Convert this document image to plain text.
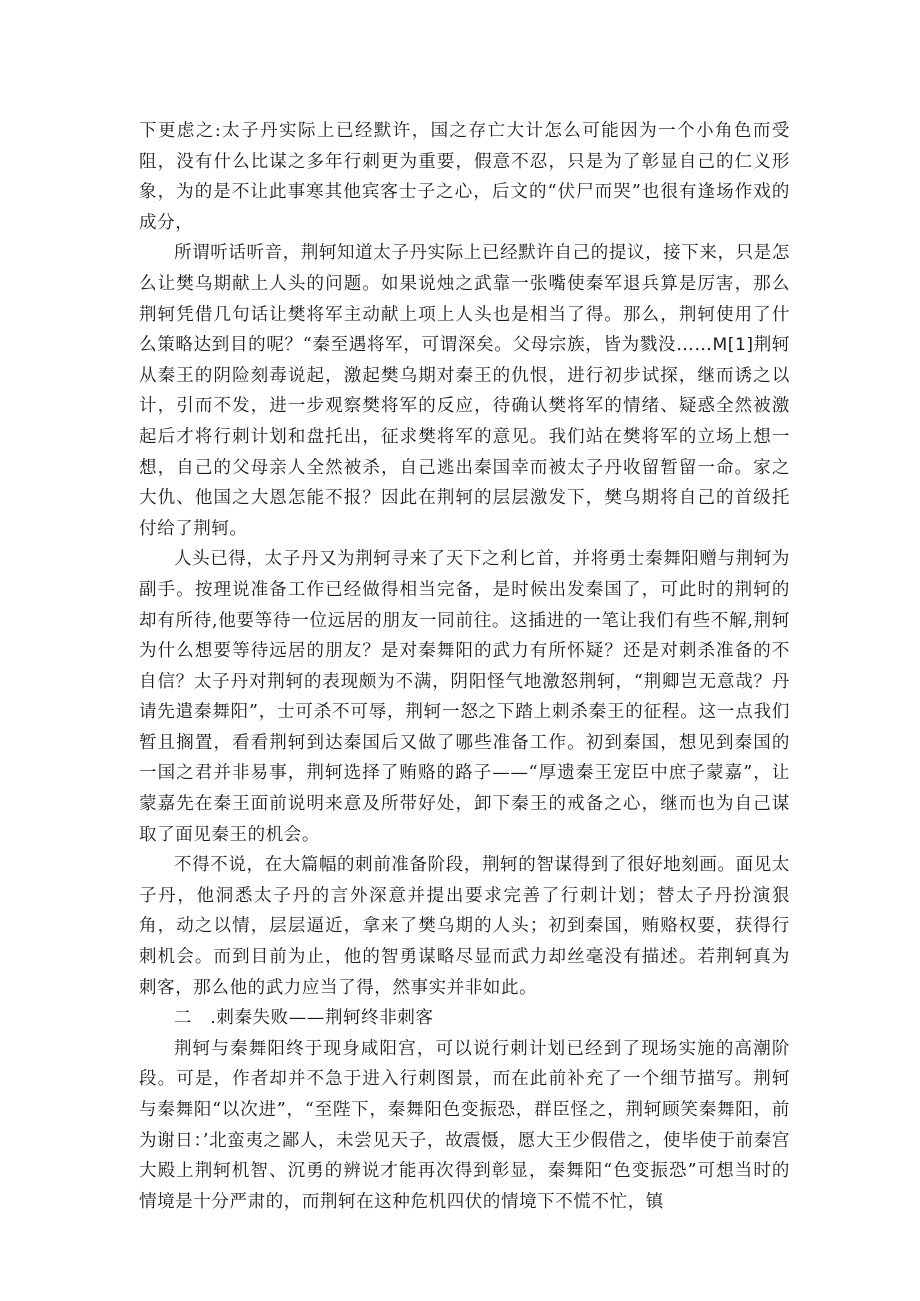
下更虑之:太子丹实际上已经默许，国之存亡大计怎么可能因为一个小角色而受阻，没有什么比谋之多年行刺更为重要，假意不忍，只是为了彰显自己的仁义形象，为的是不让此事寒其他宾客士子之心，后文的“伏尸而哭”也很有逢场作戏的成分，

所谓听话听音，荆轲知道太子丹实际上已经默许自己的提议，接下来，只是怎么让樊乌期献上人头的问题。如果说烛之武靠一张嘴使秦军退兵算是厉害，那么荆轲凭借几句话让樊将军主动献上项上人头也是相当了得。那么，荆轲使用了什么策略达到目的呢？“秦至遇将军，可谓深矣。父母宗族，皆为戮没……M[1]荆轲从秦王的阴险刻毒说起，激起樊乌期对秦王的仇恨，进行初步试探，继而诱之以计，引而不发，进一步观察樊将军的反应，待确认樊将军的情绪、疑惑全然被激起后才将行刺计划和盘托出，征求樊将军的意见。我们站在樊将军的立场上想一想，自己的父母亲人全然被杀，自己逃出秦国幸而被太子丹收留暂留一命。家之大仇、他国之大恩怎能不报？因此在荆轲的层层激发下，樊乌期将自己的首级托付给了荆轲。

人头已得，太子丹又为荆轲寻来了天下之利匕首，并将勇士秦舞阳赠与荆轲为副手。按理说准备工作已经做得相当完备，是时候出发秦国了，可此时的荆轲的却有所待,他要等待一位远居的朋友一同前往。这插进的一笔让我们有些不解,荆轲为什么想要等待远居的朋友？是对秦舞阳的武力有所怀疑？还是对刺杀准备的不自信？太子丹对荆轲的表现颇为不满，阴阳怪气地激怒荆轲，“荆卿岂无意哉？丹请先遣秦舞阳”，士可杀不可辱，荆轲一怒之下踏上刺杀秦王的征程。这一点我们暂且搁置，看看荆轲到达秦国后又做了哪些准备工作。初到秦国，想见到秦国的一国之君并非易事，荆轲选择了贿赂的路子——“厚遗秦王宠臣中庶子蒙嘉”，让蒙嘉先在秦王面前说明来意及所带好处，卸下秦王的戒备之心，继而也为自己谋取了面见秦王的机会。

不得不说，在大篇幅的刺前准备阶段，荆轲的智谋得到了很好地刻画。面见太子丹，他洞悉太子丹的言外深意并提出要求完善了行刺计划；替太子丹扮演狠角，动之以情，层层逼近，拿来了樊乌期的人头；初到秦国，贿赂权要，获得行刺机会。而到目前为止，他的智勇谋略尽显而武力却丝毫没有描述。若荆轲真为刺客，那么他的武力应当了得，然事实并非如此。

二　.刺秦失败——荆轲终非刺客

荆轲与秦舞阳终于现身咸阳宫，可以说行刺计划已经到了现场实施的高潮阶段。可是，作者却并不急于进入行刺图景，而在此前补充了一个细节描写。荆轲与秦舞阳“以次进”，“至陛下，秦舞阳色变振恐，群臣怪之，荆轲顾笑秦舞阳，前为谢日：’北蛮夷之鄙人，未尝见天子，故震慑，愿大王少假借之，使毕使于前秦宫大殿上荆轲机智、沉勇的辨说才能再次得到彰显，秦舞阳“色变振恐”可想当时的情境是十分严肃的，而荆轲在这种危机四伏的情境下不慌不忙，镇
